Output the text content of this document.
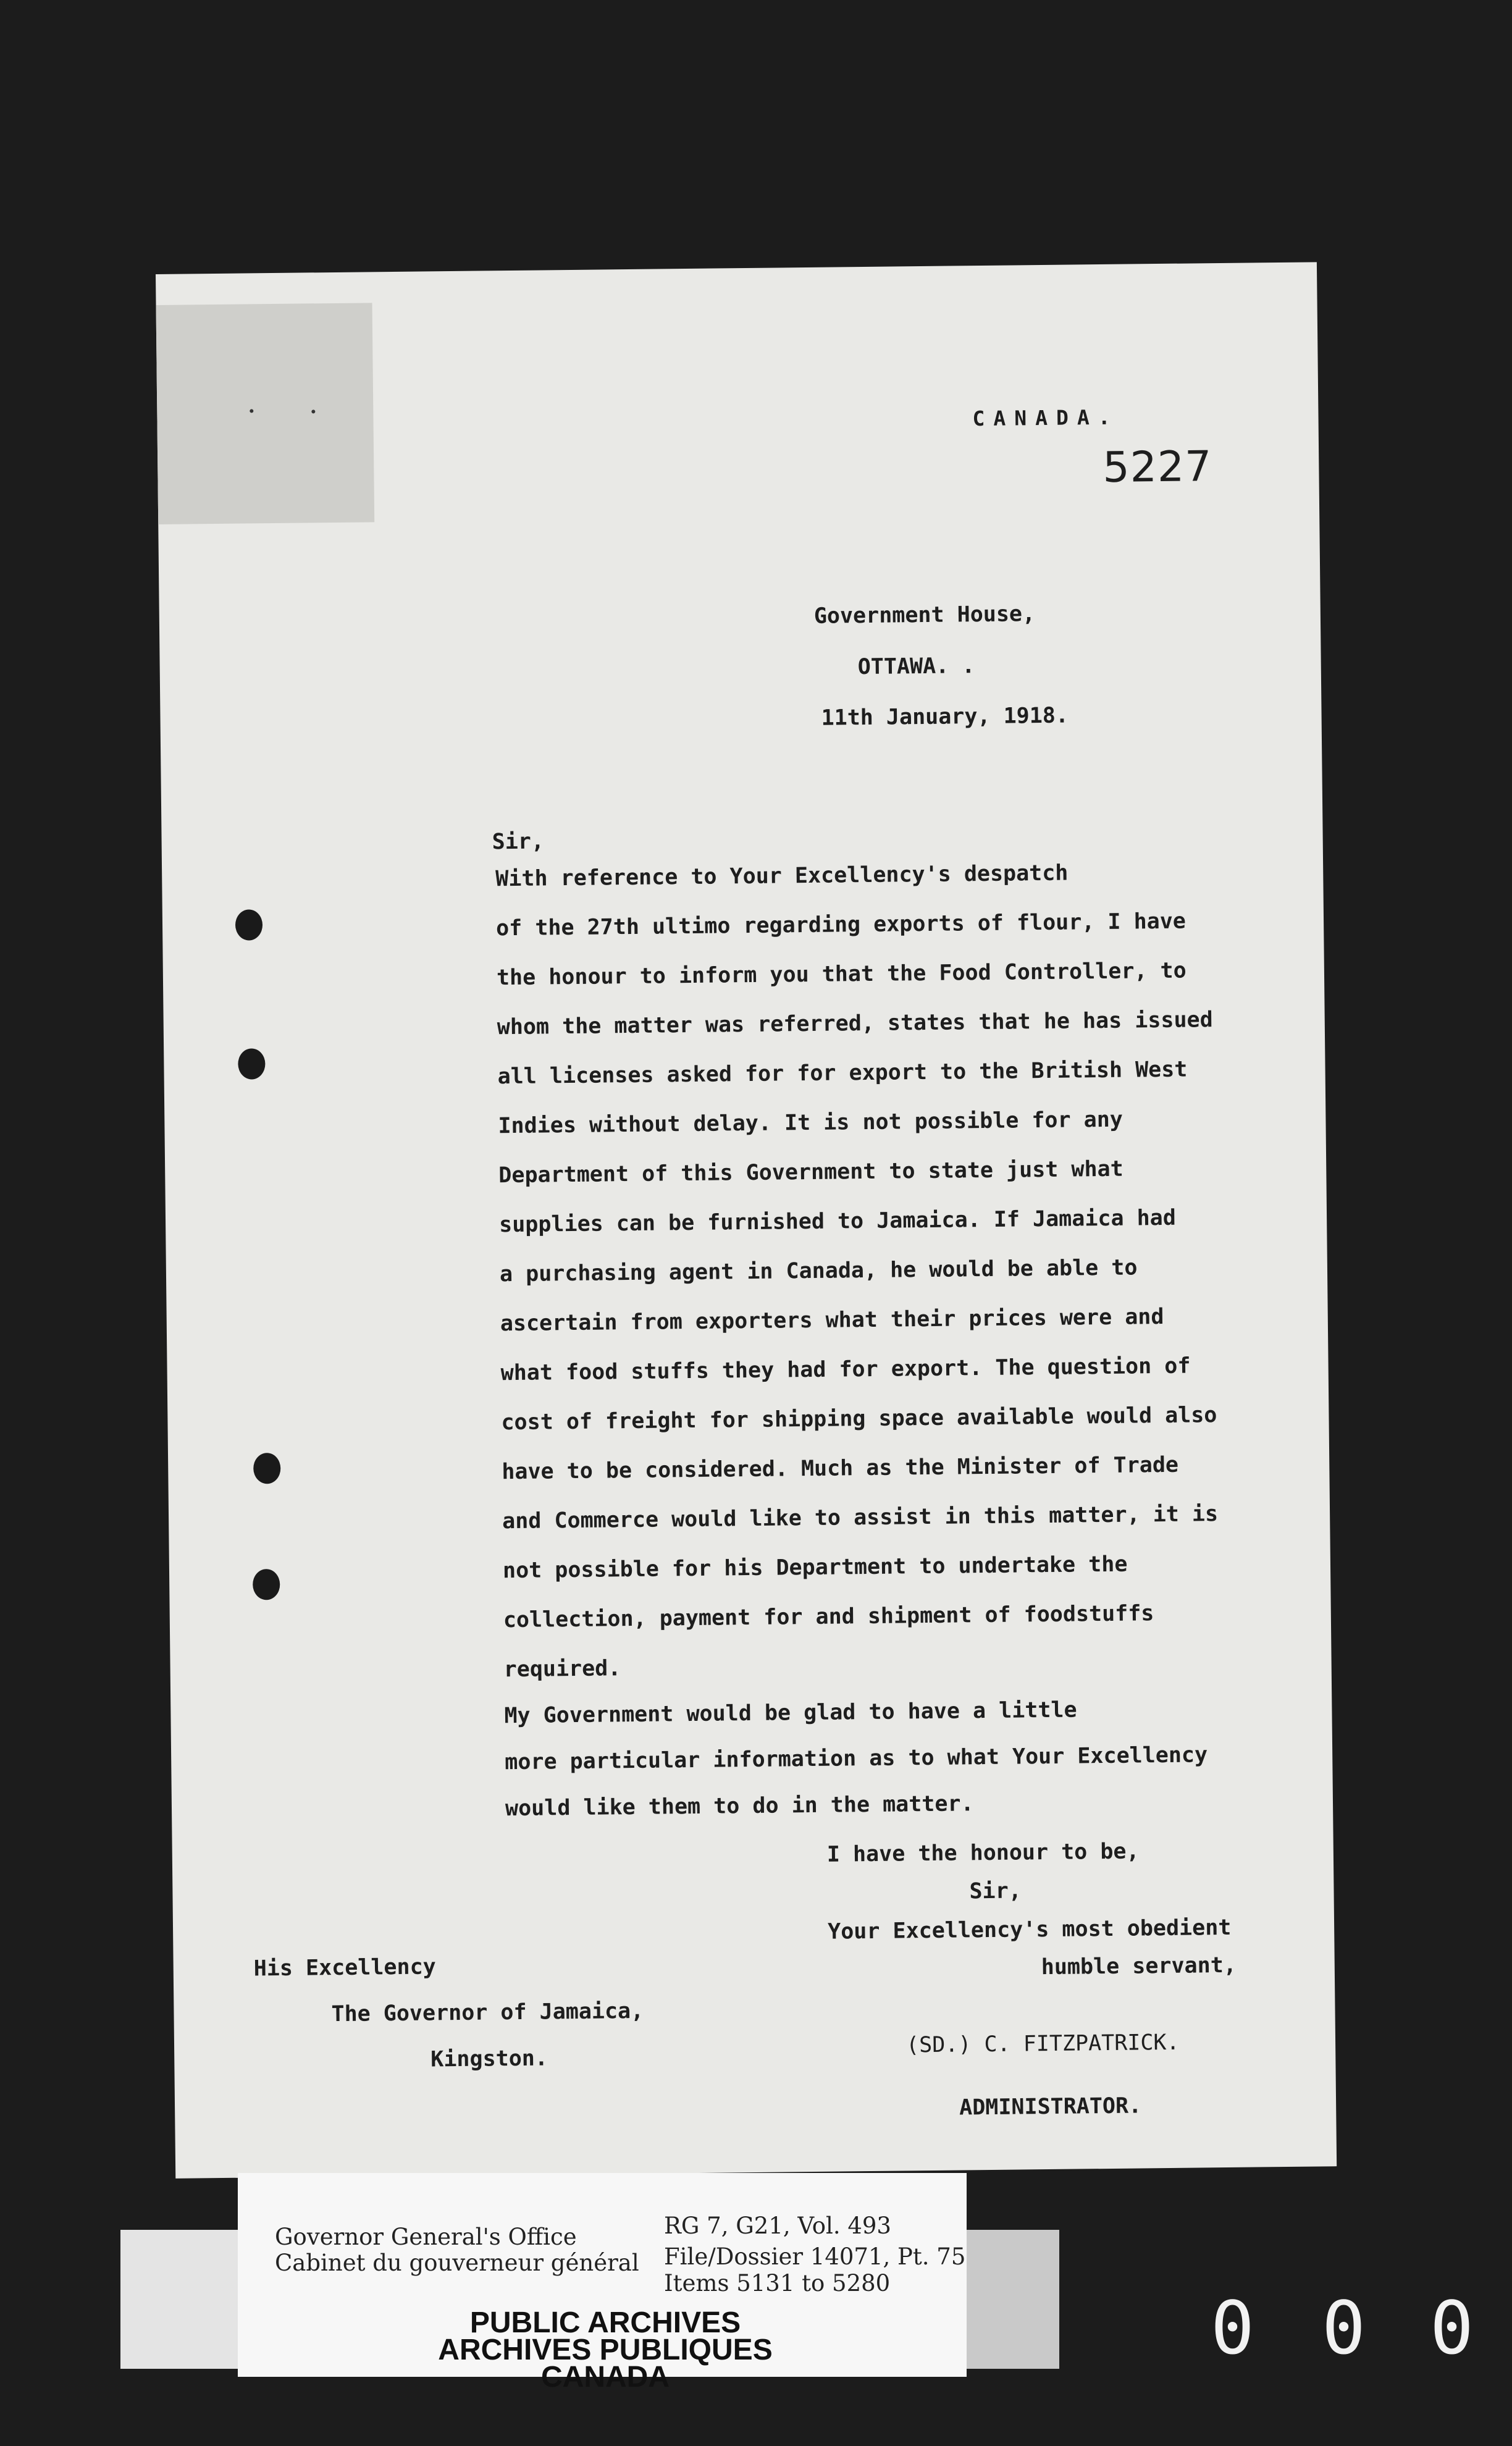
CANADA.
5227
Government House,
OTTAWA. .
11th January, 1918.
Sir,
With reference to Your Excellency's despatch
of the 27th ultimo regarding exports of flour, I have
the honour to inform you that the Food Controller, to
whom the matter was referred, states that he has issued
all licenses asked for for export to the British West
Indies without delay. It is not possible for any
Department of this Government to state just what
supplies can be furnished to Jamaica. If Jamaica had
a purchasing agent in Canada, he would be able to
ascertain from exporters what their prices were and
what food stuffs they had for export. The question of
cost of freight for shipping space available would also
have to be considered. Much as the Minister of Trade
and Commerce would like to assist in this matter, it is
not possible for his Department to undertake the
collection, payment for and shipment of foodstuffs
required.
My Government would be glad to have a little
more particular information as to what Your Excellency
would like them to do in the matter.
I have the honour to be,
Sir,
Your Excellency's most obedient
humble servant,
His Excellency
The Governor of Jamaica,
Kingston.
(SD.) C. FITZPATRICK.
ADMINISTRATOR.
Governor General's Office
Cabinet du gouverneur général
RG 7, G21, Vol. 493
File/Dossier 14071, Pt. 75
Items 5131 to 5280
PUBLIC ARCHIVES
ARCHIVES PUBLIQUES
CANADA
0 0 0
